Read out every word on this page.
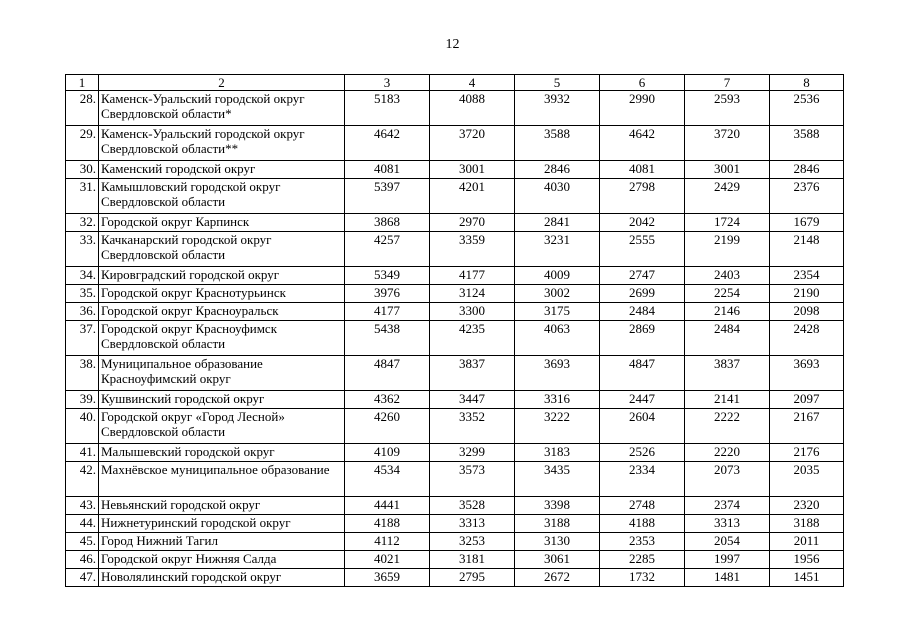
12
1	2	3	4	5	6	7	8
28.	Каменск-Уральский городской округ Свердловской области*	5183	4088	3932	2990	2593	2536
29.	Каменск-Уральский городской округ Свердловской области**	4642	3720	3588	4642	3720	3588
30.	Каменский городской округ	4081	3001	2846	4081	3001	2846
31.	Камышловский городской округ Свердловской области	5397	4201	4030	2798	2429	2376
32.	Городской округ Карпинск	3868	2970	2841	2042	1724	1679
33.	Качканарский городской округ Свердловской области	4257	3359	3231	2555	2199	2148
34.	Кировградский городской округ	5349	4177	4009	2747	2403	2354
35.	Городской округ Краснотурьинск	3976	3124	3002	2699	2254	2190
36.	Городской округ Красноуральск	4177	3300	3175	2484	2146	2098
37.	Городской округ Красноуфимск Свердловской области	5438	4235	4063	2869	2484	2428
38.	Муниципальное образование Красноуфимский округ	4847	3837	3693	4847	3837	3693
39.	Кушвинский городской округ	4362	3447	3316	2447	2141	2097
40.	Городской округ «Город Лесной» Свердловской области	4260	3352	3222	2604	2222	2167
41.	Малышевский городской округ	4109	3299	3183	2526	2220	2176
42.	Махнёвское муниципальное образование	4534	3573	3435	2334	2073	2035
43.	Невьянский городской округ	4441	3528	3398	2748	2374	2320
44.	Нижнетуринский городской округ	4188	3313	3188	4188	3313	3188
45.	Город Нижний Тагил	4112	3253	3130	2353	2054	2011
46.	Городской округ Нижняя Салда	4021	3181	3061	2285	1997	1956
47.	Новолялинский городской округ	3659	2795	2672	1732	1481	1451
